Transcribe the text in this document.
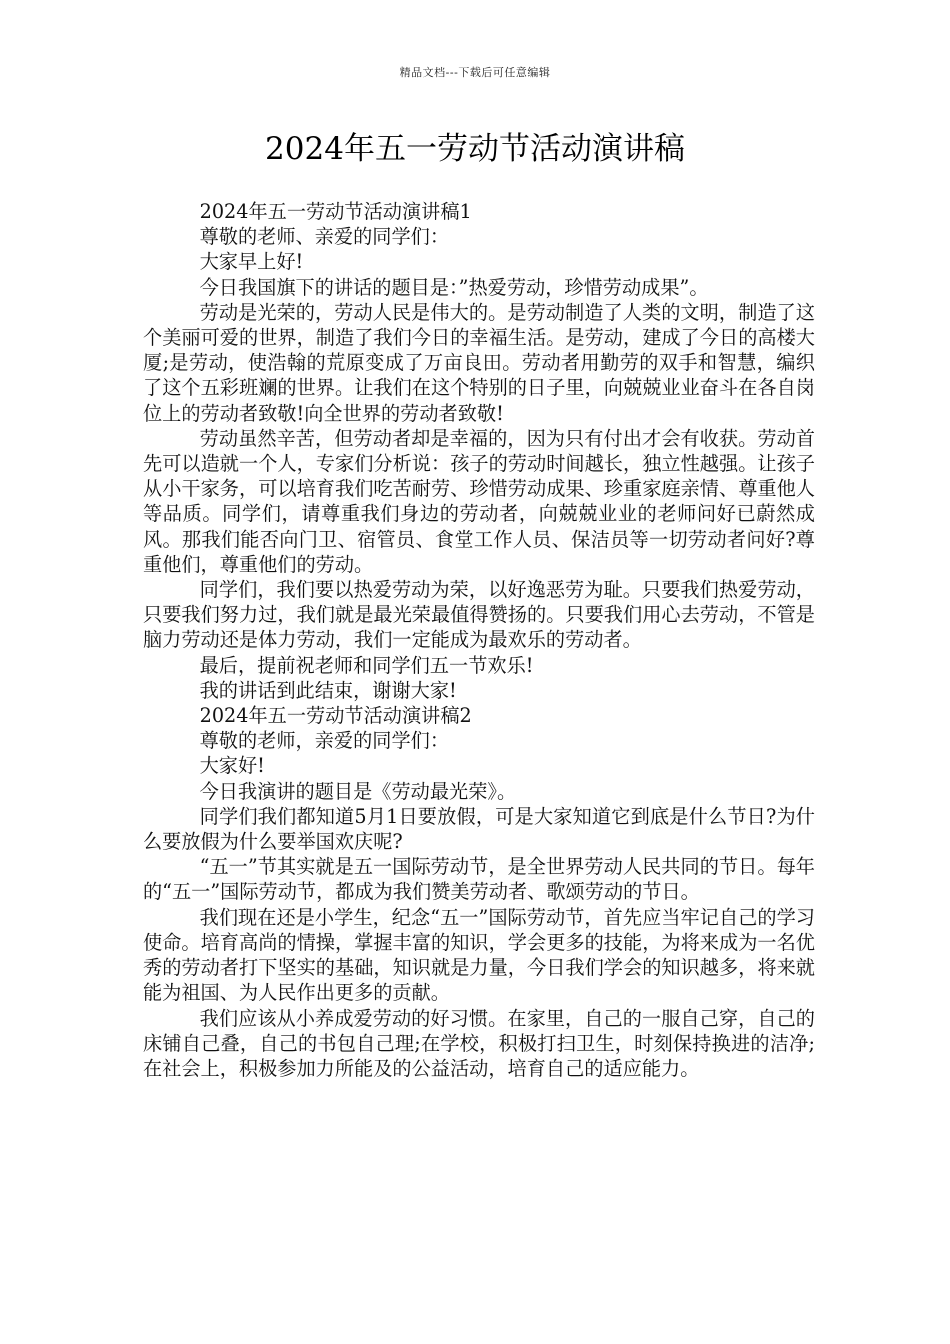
精品文档---下载后可任意编辑
2024年五一劳动节活动演讲稿

2024年五一劳动节活动演讲稿1

尊敬的老师、亲爱的同学们：

大家早上好!

今日我国旗下的讲话的题目是：”热爱劳动，珍惜劳动成果”。

劳动是光荣的，劳动人民是伟大的。是劳动制造了人类的文明，制造了这个美丽可爱的世界，制造了我们今日的幸福生活。是劳动，建成了今日的高楼大厦;是劳动，使浩翰的荒原变成了万亩良田。劳动者用勤劳的双手和智慧，编织了这个五彩班斓的世界。让我们在这个特别的日子里，向兢兢业业奋斗在各自岗位上的劳动者致敬!向全世界的劳动者致敬!

劳动虽然辛苦，但劳动者却是幸福的，因为只有付出才会有收获。劳动首先可以造就一个人，专家们分析说：孩子的劳动时间越长，独立性越强。让孩子从小干家务，可以培育我们吃苦耐劳、珍惜劳动成果、珍重家庭亲情、尊重他人等品质。同学们，请尊重我们身边的劳动者，向兢兢业业的老师问好已蔚然成风。那我们能否向门卫、宿管员、食堂工作人员、保洁员等一切劳动者问好?尊重他们，尊重他们的劳动。

同学们，我们要以热爱劳动为荣，以好逸恶劳为耻。只要我们热爱劳动，只要我们努力过，我们就是最光荣最值得赞扬的。只要我们用心去劳动，不管是脑力劳动还是体力劳动，我们一定能成为最欢乐的劳动者。

最后，提前祝老师和同学们五一节欢乐!

我的讲话到此结束，谢谢大家!

2024年五一劳动节活动演讲稿2

尊敬的老师，亲爱的同学们：

大家好!

今日我演讲的题目是《劳动最光荣》。

同学们我们都知道5月1日要放假，可是大家知道它到底是什么节日?为什么要放假为什么要举国欢庆呢?

“五一”节其实就是五一国际劳动节，是全世界劳动人民共同的节日。每年的“五一”国际劳动节，都成为我们赞美劳动者、歌颂劳动的节日。

我们现在还是小学生，纪念“五一”国际劳动节，首先应当牢记自己的学习使命。培育高尚的情操，掌握丰富的知识，学会更多的技能，为将来成为一名优秀的劳动者打下坚实的基础，知识就是力量，今日我们学会的知识越多，将来就能为祖国、为人民作出更多的贡献。

我们应该从小养成爱劳动的好习惯。在家里，自己的一服自己穿，自己的床铺自己叠，自己的书包自己理;在学校，积极打扫卫生，时刻保持换进的洁净;在社会上，积极参加力所能及的公益活动，培育自己的适应能力。
